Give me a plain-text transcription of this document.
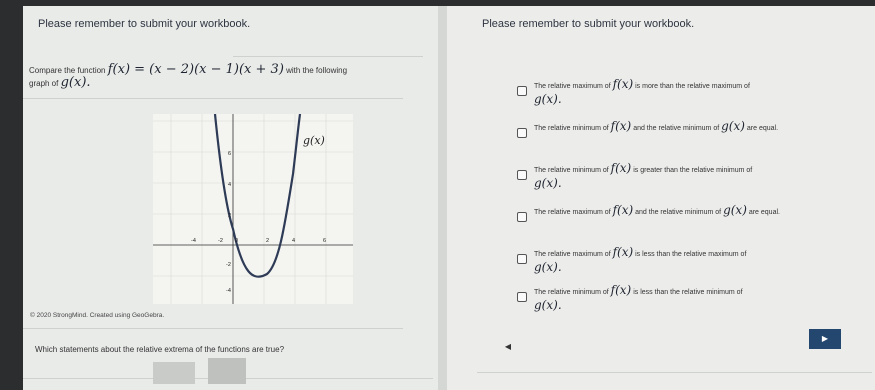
Please remember to submit your workbook.
Compare the function f(x) = (x − 2)(x − 1)(x + 3) with the following
graph of g(x).
g(x)
-4	-2 0	2	4	6
6
4
2
-2
-4
© 2020 StrongMind. Created using GeoGebra.
Which statements about the relative extrema of the functions are true?
Please remember to submit your workbook.
The relative maximum of f(x) is more than the relative maximum of
g(x).
The relative minimum of f(x) and the relative minimum of g(x) are equal.
The relative minimum of f(x) is greater than the relative minimum of
g(x).
The relative maximum of f(x) and the relative minimum of g(x) are equal.
The relative maximum of f(x) is less than the relative maximum of
g(x).
The relative minimum of f(x) is less than the relative minimum of
g(x).
◀
▶
